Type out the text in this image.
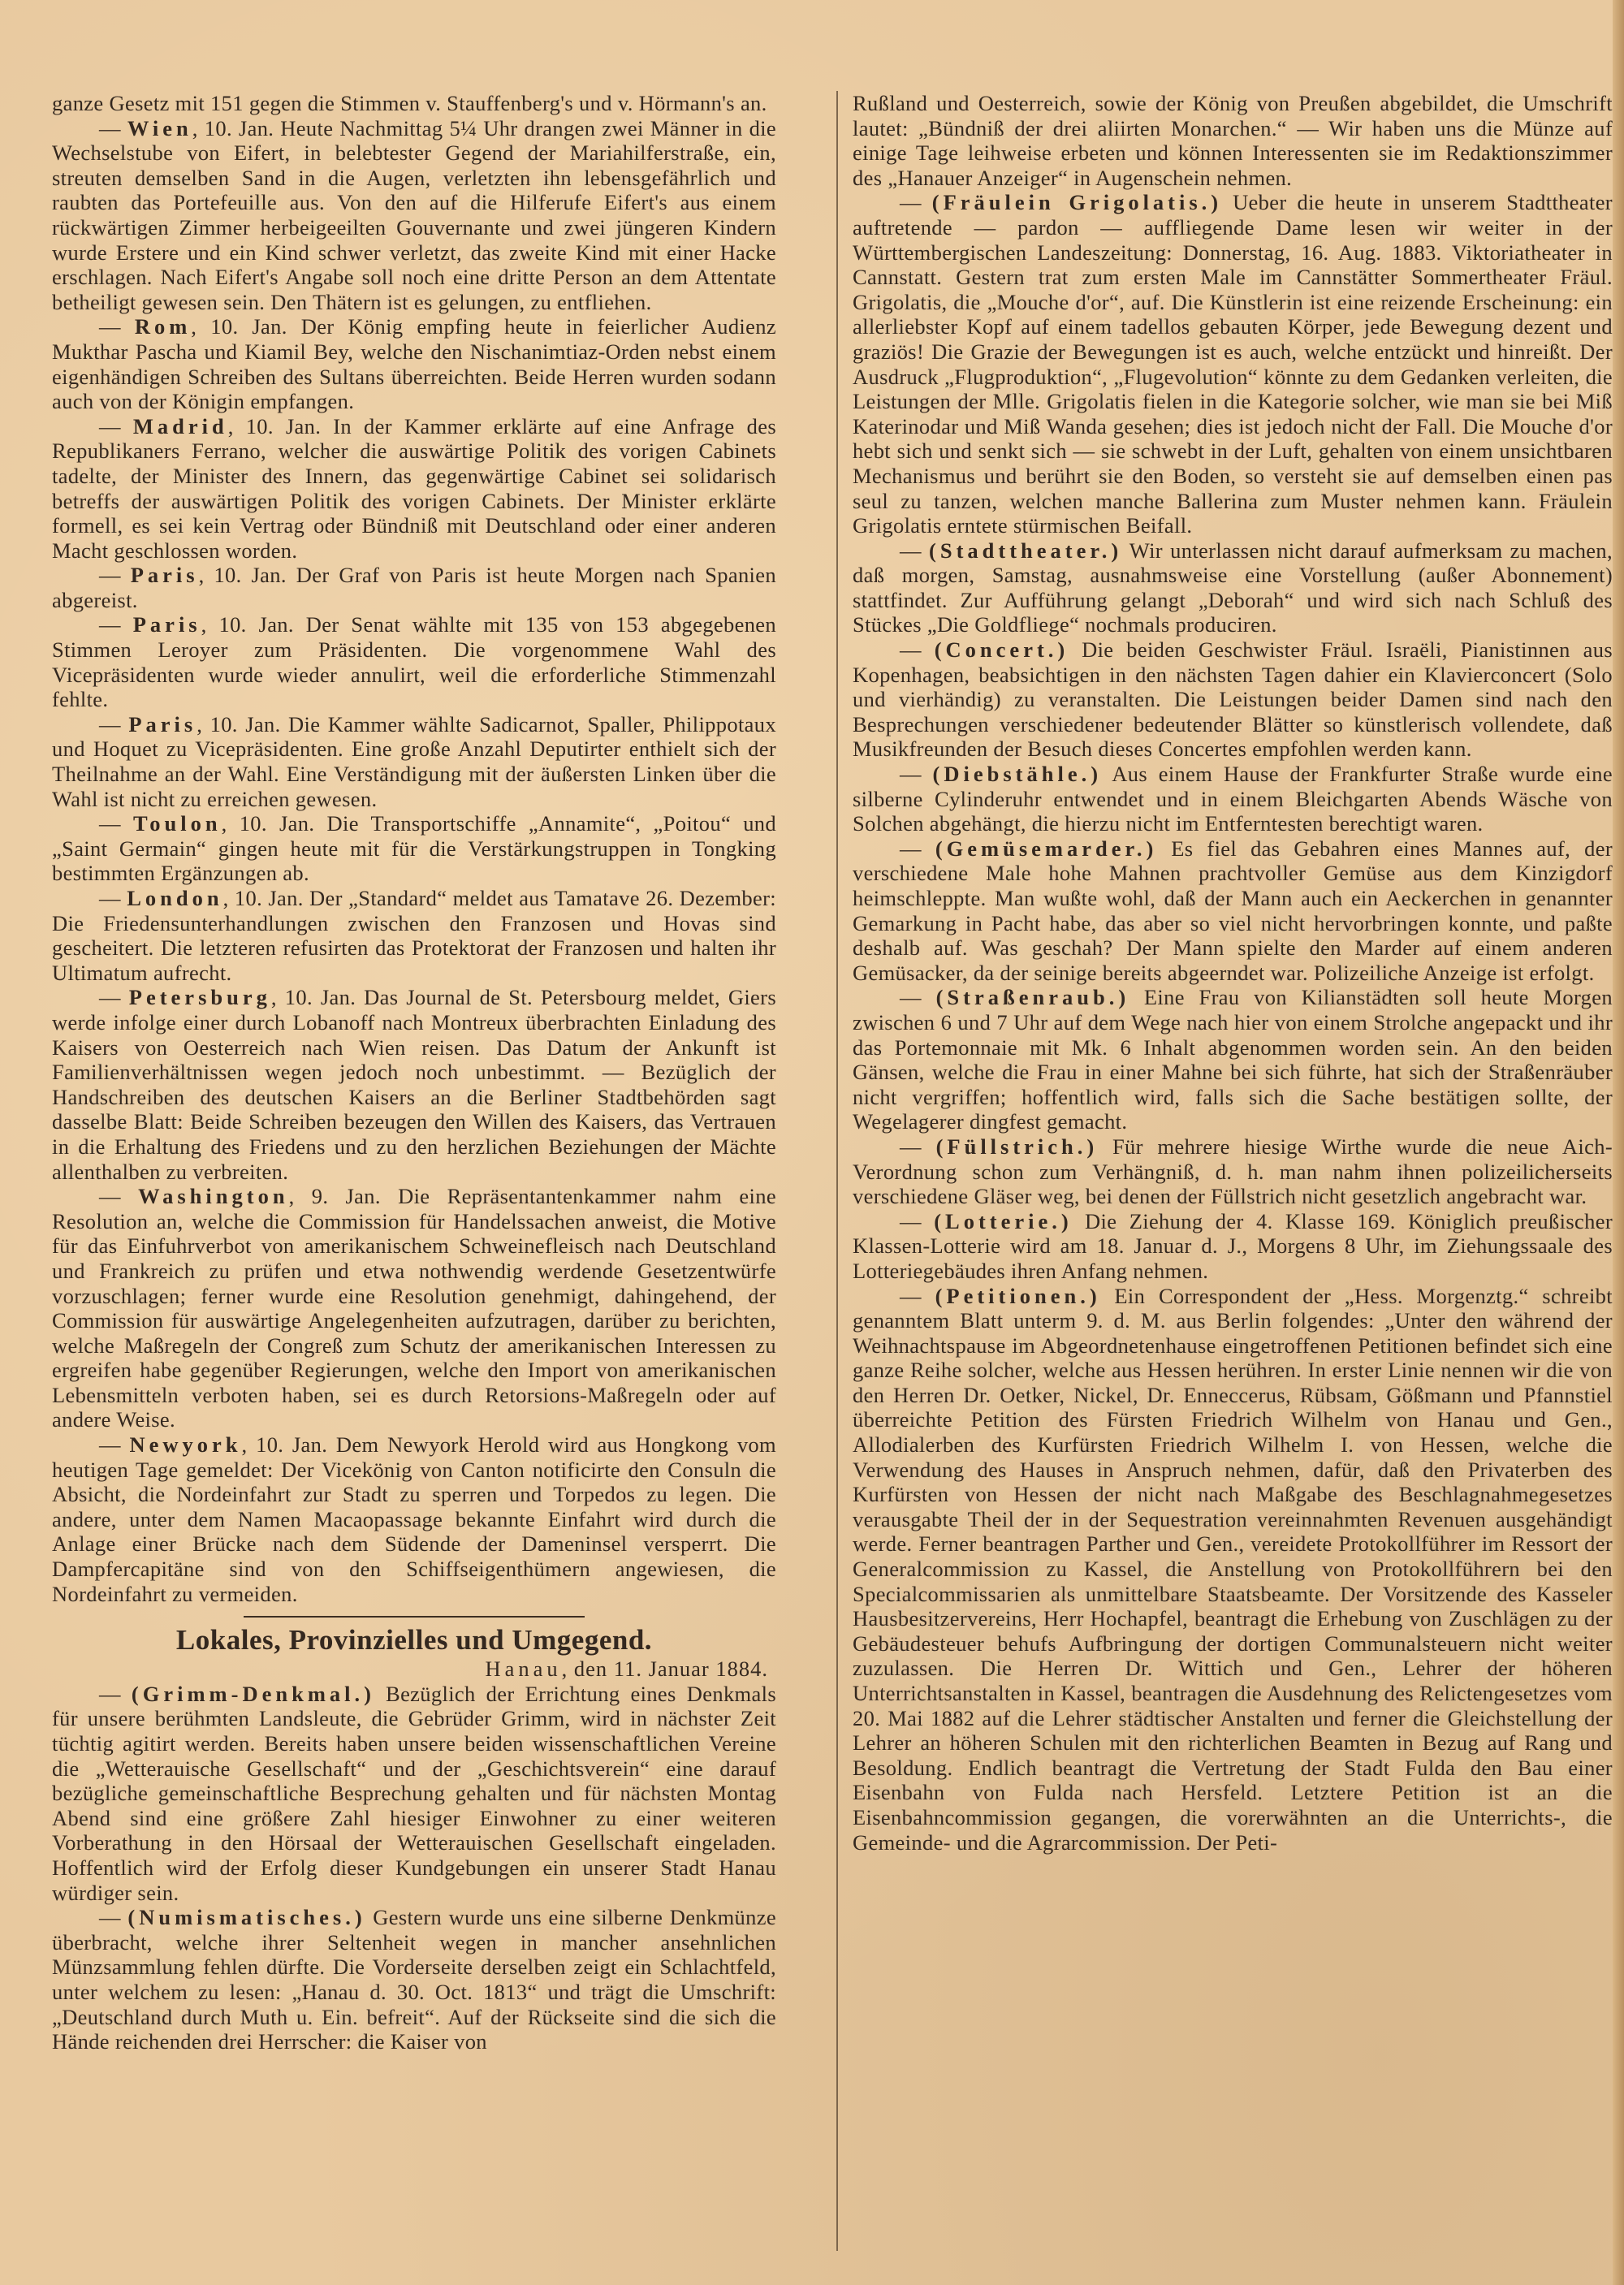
ganze Gesetz mit 151 gegen die Stimmen v. Stauffenberg's und v. Hörmann's an.

— Wien, 10. Jan. Heute Nachmittag 5¼ Uhr drangen zwei Männer in die Wechselstube von Eifert, in belebtester Gegend der Mariahilferstraße, ein, streuten demselben Sand in die Augen, verletzten ihn lebensgefährlich und raubten das Portefeuille aus. Von den auf die Hilferufe Eifert's aus einem rückwärtigen Zimmer herbeigeeilten Gouvernante und zwei jüngeren Kindern wurde Erstere und ein Kind schwer verletzt, das zweite Kind mit einer Hacke erschlagen. Nach Eifert's Angabe soll noch eine dritte Person an dem Attentate betheiligt gewesen sein. Den Thätern ist es gelungen, zu entfliehen.

— Rom, 10. Jan. Der König empfing heute in feierlicher Audienz Mukthar Pascha und Kiamil Bey, welche den Nischanimtiaz-Orden nebst einem eigenhändigen Schreiben des Sultans überreichten. Beide Herren wurden sodann auch von der Königin empfangen.

— Madrid, 10. Jan. In der Kammer erklärte auf eine Anfrage des Republikaners Ferrano, welcher die auswärtige Politik des vorigen Cabinets tadelte, der Minister des Innern, das gegenwärtige Cabinet sei solidarisch betreffs der auswärtigen Politik des vorigen Cabinets. Der Minister erklärte formell, es sei kein Vertrag oder Bündniß mit Deutschland oder einer anderen Macht geschlossen worden.

— Paris, 10. Jan. Der Graf von Paris ist heute Morgen nach Spanien abgereist.

— Paris, 10. Jan. Der Senat wählte mit 135 von 153 abgegebenen Stimmen Leroyer zum Präsidenten. Die vorgenommene Wahl des Vicepräsidenten wurde wieder annulirt, weil die erforderliche Stimmenzahl fehlte.

— Paris, 10. Jan. Die Kammer wählte Sadicarnot, Spaller, Philippotaux und Hoquet zu Vicepräsidenten. Eine große Anzahl Deputirter enthielt sich der Theilnahme an der Wahl. Eine Verständigung mit der äußersten Linken über die Wahl ist nicht zu erreichen gewesen.

— Toulon, 10. Jan. Die Transportschiffe „Annamite“, „Poitou“ und „Saint Germain“ gingen heute mit für die Verstärkungstruppen in Tongking bestimmten Ergänzungen ab.

— London, 10. Jan. Der „Standard“ meldet aus Tamatave 26. Dezember: Die Friedensunterhandlungen zwischen den Franzosen und Hovas sind gescheitert. Die letzteren refusirten das Protektorat der Franzosen und halten ihr Ultimatum aufrecht.

— Petersburg, 10. Jan. Das Journal de St. Petersbourg meldet, Giers werde infolge einer durch Lobanoff nach Montreux überbrachten Einladung des Kaisers von Oesterreich nach Wien reisen. Das Datum der Ankunft ist Familienverhältnissen wegen jedoch noch unbestimmt. — Bezüglich der Handschreiben des deutschen Kaisers an die Berliner Stadtbehörden sagt dasselbe Blatt: Beide Schreiben bezeugen den Willen des Kaisers, das Vertrauen in die Erhaltung des Friedens und zu den herzlichen Beziehungen der Mächte allenthalben zu verbreiten.

— Washington, 9. Jan. Die Repräsentantenkammer nahm eine Resolution an, welche die Commission für Handelssachen anweist, die Motive für das Einfuhrverbot von amerikanischem Schweinefleisch nach Deutschland und Frankreich zu prüfen und etwa nothwendig werdende Gesetzentwürfe vorzuschlagen; ferner wurde eine Resolution genehmigt, dahingehend, der Commission für auswärtige Angelegenheiten aufzutragen, darüber zu berichten, welche Maßregeln der Congreß zum Schutz der amerikanischen Interessen zu ergreifen habe gegenüber Regierungen, welche den Import von amerikanischen Lebensmitteln verboten haben, sei es durch Retorsions-Maßregeln oder auf andere Weise.

— Newyork, 10. Jan. Dem Newyork Herold wird aus Hongkong vom heutigen Tage gemeldet: Der Vicekönig von Canton notificirte den Consuln die Absicht, die Nordeinfahrt zur Stadt zu sperren und Torpedos zu legen. Die andere, unter dem Namen Macaopassage bekannte Einfahrt wird durch die Anlage einer Brücke nach dem Südende der Dameninsel versperrt. Die Dampfercapitäne sind von den Schiffseigenthümern angewiesen, die Nordeinfahrt zu vermeiden.

Lokales, Provinzielles und Umgegend.
Hanau, den 11. Januar 1884.

— (Grimm-Denkmal.) Bezüglich der Errichtung eines Denkmals für unsere berühmten Landsleute, die Gebrüder Grimm, wird in nächster Zeit tüchtig agitirt werden. Bereits haben unsere beiden wissenschaftlichen Vereine die „Wetterauische Gesellschaft“ und der „Geschichtsverein“ eine darauf bezügliche gemeinschaftliche Besprechung gehalten und für nächsten Montag Abend sind eine größere Zahl hiesiger Einwohner zu einer weiteren Vorberathung in den Hörsaal der Wetterauischen Gesellschaft eingeladen. Hoffentlich wird der Erfolg dieser Kundgebungen ein unserer Stadt Hanau würdiger sein.

— (Numismatisches.) Gestern wurde uns eine silberne Denkmünze überbracht, welche ihrer Seltenheit wegen in mancher ansehnlichen Münzsammlung fehlen dürfte. Die Vorderseite derselben zeigt ein Schlachtfeld, unter welchem zu lesen: „Hanau d. 30. Oct. 1813“ und trägt die Umschrift: „Deutschland durch Muth u. Ein. befreit“. Auf der Rückseite sind die sich die Hände reichenden drei Herrscher: die Kaiser von

Rußland und Oesterreich, sowie der König von Preußen abgebildet, die Umschrift lautet: „Bündniß der drei aliirten Monarchen.“ — Wir haben uns die Münze auf einige Tage leihweise erbeten und können Interessenten sie im Redaktionszimmer des „Hanauer Anzeiger“ in Augenschein nehmen.

— (Fräulein Grigolatis.) Ueber die heute in unserem Stadttheater auftretende — pardon — auffliegende Dame lesen wir weiter in der Württembergischen Landeszeitung: Donnerstag, 16. Aug. 1883. Viktoriatheater in Cannstatt. Gestern trat zum ersten Male im Cannstätter Sommertheater Fräul. Grigolatis, die „Mouche d'or“, auf. Die Künstlerin ist eine reizende Erscheinung: ein allerliebster Kopf auf einem tadellos gebauten Körper, jede Bewegung dezent und graziös! Die Grazie der Bewegungen ist es auch, welche entzückt und hinreißt. Der Ausdruck „Flugproduktion“, „Flugevolution“ könnte zu dem Gedanken verleiten, die Leistungen der Mlle. Grigolatis fielen in die Kategorie solcher, wie man sie bei Miß Katerinodar und Miß Wanda gesehen; dies ist jedoch nicht der Fall. Die Mouche d'or hebt sich und senkt sich — sie schwebt in der Luft, gehalten von einem unsichtbaren Mechanismus und berührt sie den Boden, so versteht sie auf demselben einen pas seul zu tanzen, welchen manche Ballerina zum Muster nehmen kann. Fräulein Grigolatis erntete stürmischen Beifall.

— (Stadttheater.) Wir unterlassen nicht darauf aufmerksam zu machen, daß morgen, Samstag, ausnahmsweise eine Vorstellung (außer Abonnement) stattfindet. Zur Aufführung gelangt „Deborah“ und wird sich nach Schluß des Stückes „Die Goldfliege“ nochmals produciren.

— (Concert.) Die beiden Geschwister Fräul. Israëli, Pianistinnen aus Kopenhagen, beabsichtigen in den nächsten Tagen dahier ein Klavierconcert (Solo und vierhändig) zu veranstalten. Die Leistungen beider Damen sind nach den Besprechungen verschiedener bedeutender Blätter so künstlerisch vollendete, daß Musikfreunden der Besuch dieses Concertes empfohlen werden kann.

— (Diebstähle.) Aus einem Hause der Frankfurter Straße wurde eine silberne Cylinderuhr entwendet und in einem Bleichgarten Abends Wäsche von Solchen abgehängt, die hierzu nicht im Entferntesten berechtigt waren.

— (Gemüsemarder.) Es fiel das Gebahren eines Mannes auf, der verschiedene Male hohe Mahnen prachtvoller Gemüse aus dem Kinzigdorf heimschleppte. Man wußte wohl, daß der Mann auch ein Aeckerchen in genannter Gemarkung in Pacht habe, das aber so viel nicht hervorbringen konnte, und paßte deshalb auf. Was geschah? Der Mann spielte den Marder auf einem anderen Gemüsacker, da der seinige bereits abgeerndet war. Polizeiliche Anzeige ist erfolgt.

— (Straßenraub.) Eine Frau von Kilianstädten soll heute Morgen zwischen 6 und 7 Uhr auf dem Wege nach hier von einem Strolche angepackt und ihr das Portemonnaie mit Mk. 6 Inhalt abgenommen worden sein. An den beiden Gänsen, welche die Frau in einer Mahne bei sich führte, hat sich der Straßenräuber nicht vergriffen; hoffentlich wird, falls sich die Sache bestätigen sollte, der Wegelagerer dingfest gemacht.

— (Füllstrich.) Für mehrere hiesige Wirthe wurde die neue Aich-Verordnung schon zum Verhängniß, d. h. man nahm ihnen polizeilicherseits verschiedene Gläser weg, bei denen der Füllstrich nicht gesetzlich angebracht war.

— (Lotterie.) Die Ziehung der 4. Klasse 169. Königlich preußischer Klassen-Lotterie wird am 18. Januar d. J., Morgens 8 Uhr, im Ziehungssaale des Lotteriegebäudes ihren Anfang nehmen.

— (Petitionen.) Ein Correspondent der „Hess. Morgenztg.“ schreibt genanntem Blatt unterm 9. d. M. aus Berlin folgendes: „Unter den während der Weihnachtspause im Abgeordnetenhause eingetroffenen Petitionen befindet sich eine ganze Reihe solcher, welche aus Hessen herühren. In erster Linie nennen wir die von den Herren Dr. Oetker, Nickel, Dr. Enneccerus, Rübsam, Gößmann und Pfannstiel überreichte Petition des Fürsten Friedrich Wilhelm von Hanau und Gen., Allodialerben des Kurfürsten Friedrich Wilhelm I. von Hessen, welche die Verwendung des Hauses in Anspruch nehmen, dafür, daß den Privaterben des Kurfürsten von Hessen der nicht nach Maßgabe des Beschlagnahmegesetzes verausgabte Theil der in der Sequestration vereinnahmten Revenuen ausgehändigt werde. Ferner beantragen Parther und Gen., vereidete Protokollführer im Ressort der Generalcommission zu Kassel, die Anstellung von Protokollführern bei den Specialcommissarien als unmittelbare Staatsbeamte. Der Vorsitzende des Kasseler Hausbesitzervereins, Herr Hochapfel, beantragt die Erhebung von Zuschlägen zu der Gebäudesteuer behufs Aufbringung der dortigen Communalsteuern nicht weiter zuzulassen. Die Herren Dr. Wittich und Gen., Lehrer der höheren Unterrichtsanstalten in Kassel, beantragen die Ausdehnung des Relictengesetzes vom 20. Mai 1882 auf die Lehrer städtischer Anstalten und ferner die Gleichstellung der Lehrer an höheren Schulen mit den richterlichen Beamten in Bezug auf Rang und Besoldung. Endlich beantragt die Vertretung der Stadt Fulda den Bau einer Eisenbahn von Fulda nach Hersfeld. Letztere Petition ist an die Eisenbahncommission gegangen, die vorerwähnten an die Unterrichts-, die Gemeinde- und die Agrarcommission. Der Peti-
